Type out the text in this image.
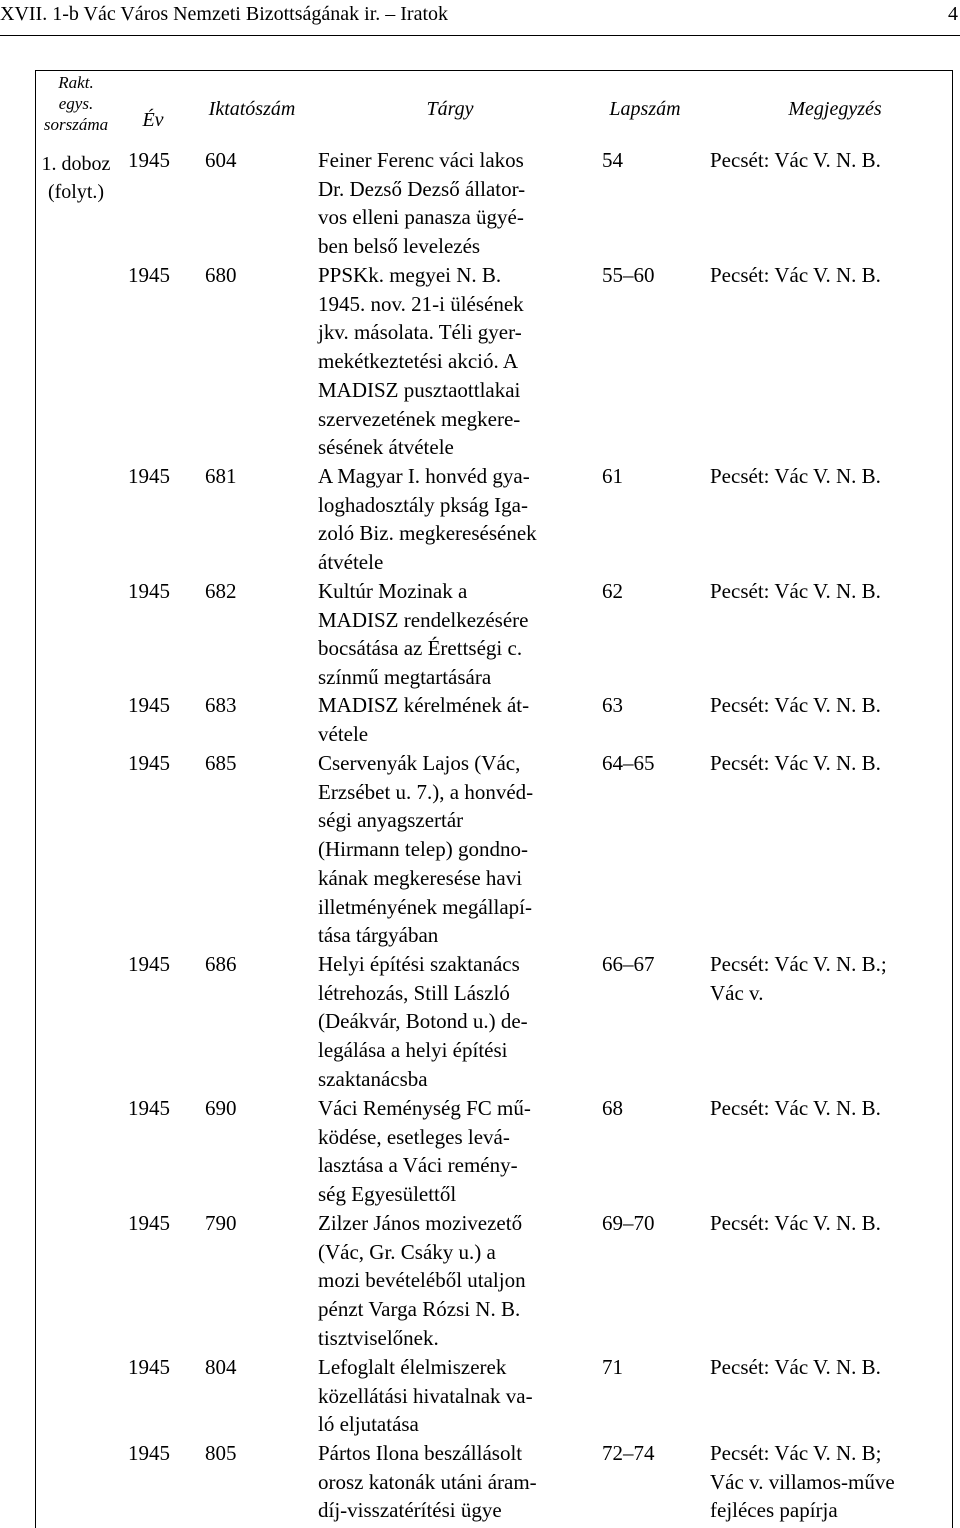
XVII. 1-b Vác Város Nemzeti Bizottságának ir. – Iratok	4
Rakt.
egys.
sorszáma	Év	Iktatószám	Tárgy	Lapszám	Megjegyzés
1. doboz
(folyt.)
1945 604	Feiner Ferenc váci lakos
Dr. Dezső Dezső állator-
vos elleni panasza ügyé-
ben belső levelezés
54	Pecsét: Vác V. N. B.
1945 680	PPSKk. megyei N. B.
1945. nov. 21-i ülésének
jkv. másolata. Téli gyer-
mekétkeztetési akció. A
MADISZ pusztaottlakai
szervezetének megkere-
sésének átvétele
55–60	Pecsét: Vác V. N. B.
1945 681	A Magyar I. honvéd gya-
loghadosztály pkság Iga-
zoló Biz. megkeresésének
átvétele
61	Pecsét: Vác V. N. B.
1945 682	Kultúr Mozinak a
MADISZ rendelkezésére
bocsátása az Érettségi c.
színmű megtartására
62	Pecsét: Vác V. N. B.
1945 683	MADISZ kérelmének át-
vétele
63	Pecsét: Vác V. N. B.
1945 685	Cservenyák Lajos (Vác,
Erzsébet u. 7.), a honvéd-
ségi anyagszertár
(Hirmann telep) gondno-
kának megkeresése havi
illetményének megállapí-
tása tárgyában
64–65	Pecsét: Vác V. N. B.
1945 686	Helyi építési szaktanács
létrehozás, Still László
(Deákvár, Botond u.) de-
legálása a helyi építési
szaktanácsba
66–67	Pecsét: Vác V. N. B.;
Vác v.
1945 690	Váci Reménység FC mű-
ködése, esetleges levá-
lasztása a Váci remény-
ség Egyesülettől
68	Pecsét: Vác V. N. B.
1945 790	Zilzer János mozivezető
(Vác, Gr. Csáky u.) a
mozi bevételéből utaljon
pénzt Varga Rózsi N. B.
tisztviselőnek.
69–70	Pecsét: Vác V. N. B.
1945 804	Lefoglalt élelmiszerek
közellátási hivatalnak va-
ló eljutatása
71	Pecsét: Vác V. N. B.
1945 805	Pártos Ilona beszállásolt
orosz katonák utáni áram-
díj-visszatérítési ügye
72–74	Pecsét: Vác V. N. B;
Vác v. villamos-műve
fejléces papírja
